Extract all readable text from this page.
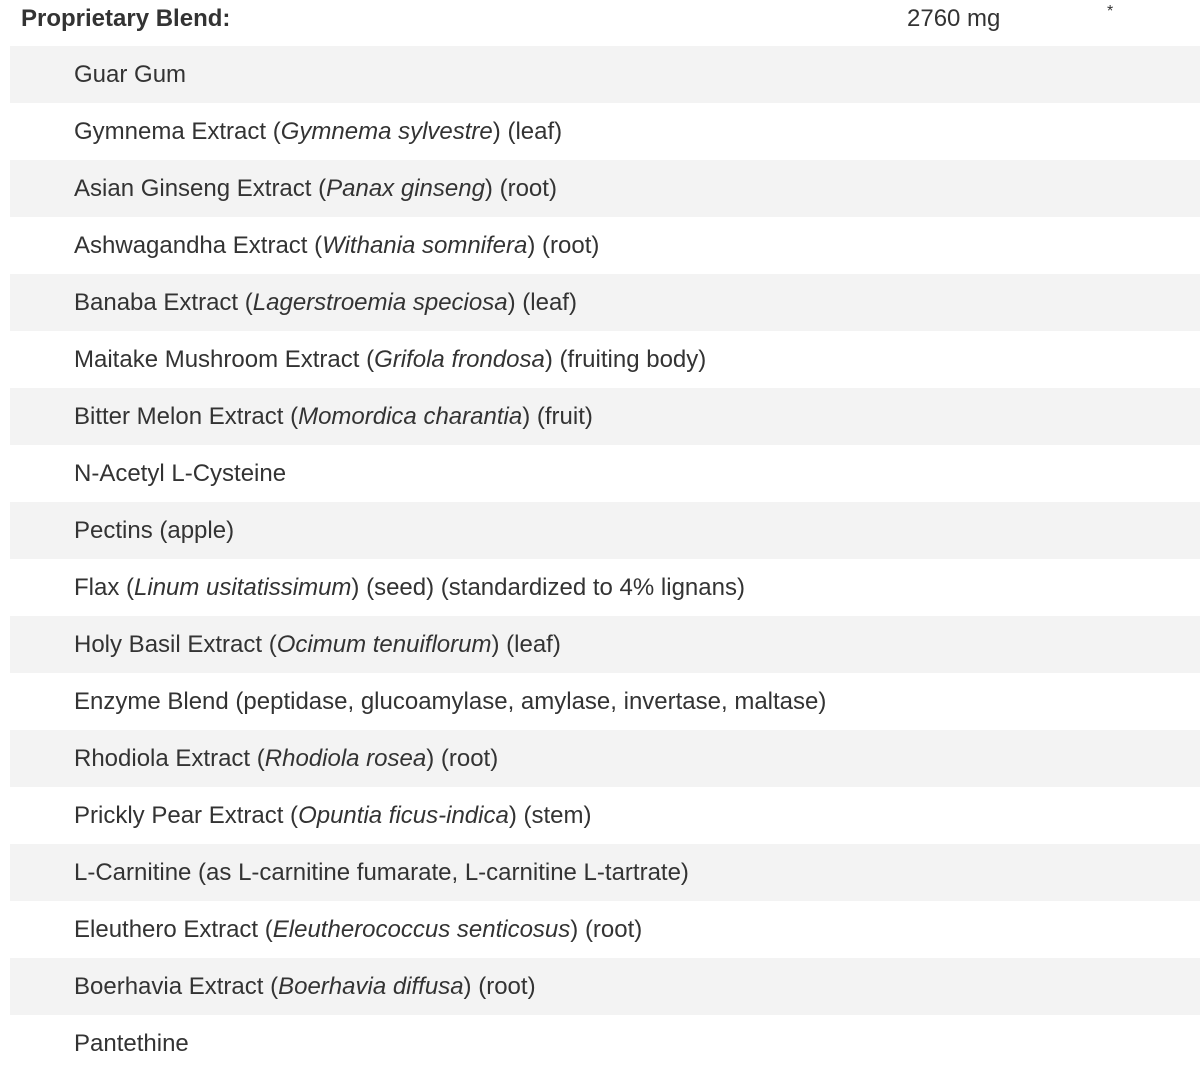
Proprietary Blend:	2760 mg	*
Guar Gum
Gymnema Extract ( Gymnema sylvestre ) (leaf)
Asian Ginseng Extract ( Panax ginseng ) (root)
Ashwagandha Extract ( Withania somnifera ) (root)
Banaba Extract ( Lagerstroemia speciosa ) (leaf)
Maitake Mushroom Extract ( Grifola frondosa ) (fruiting body)
Bitter Melon Extract ( Momordica charantia ) (fruit)
N-Acetyl L-Cysteine
Pectins (apple)
Flax ( Linum usitatissimum ) (seed) (standardized to 4% lignans)
Holy Basil Extract ( Ocimum tenuiflorum ) (leaf)
Enzyme Blend (peptidase, glucoamylase, amylase, invertase, maltase)
Rhodiola Extract ( Rhodiola rosea ) (root)
Prickly Pear Extract ( Opuntia ficus-indica ) (stem)
L-Carnitine (as L-carnitine fumarate, L-carnitine L-tartrate)
Eleuthero Extract ( Eleutherococcus senticosus ) (root)
Boerhavia Extract ( Boerhavia diffusa ) (root)
Pantethine
